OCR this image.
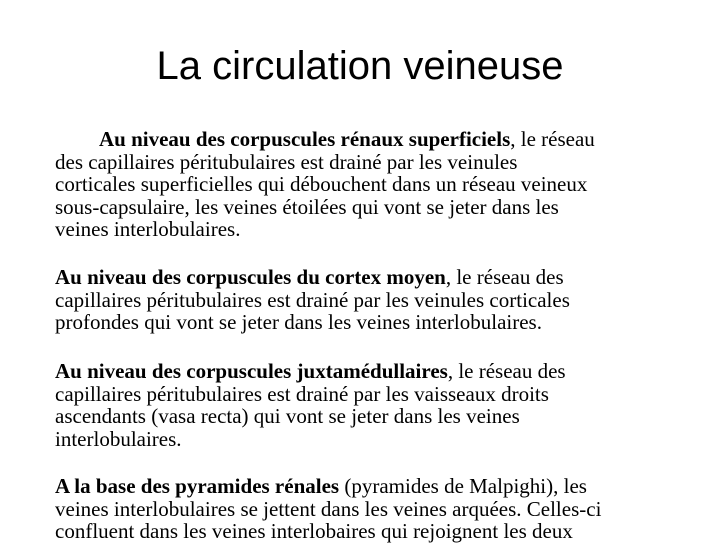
La circulation veineuse
Au niveau des corpuscules rénaux superficiels, le réseau
des capillaires péritubulaires est drainé par les veinules
corticales superficielles qui débouchent dans un réseau veineux
sous-capsulaire, les veines étoilées qui vont se jeter dans les
veines interlobulaires.
Au niveau des corpuscules du cortex moyen, le réseau des
capillaires péritubulaires est drainé par les veinules corticales
profondes qui vont se jeter dans les veines interlobulaires.
Au niveau des corpuscules juxtamédullaires, le réseau des
capillaires péritubulaires est drainé par les vaisseaux droits
ascendants (vasa recta) qui vont se jeter dans les veines
interlobulaires.
A la base des pyramides rénales (pyramides de Malpighi), les
veines interlobulaires se jettent dans les veines arquées. Celles-ci
confluent dans les veines interlobaires qui rejoignent les deux
